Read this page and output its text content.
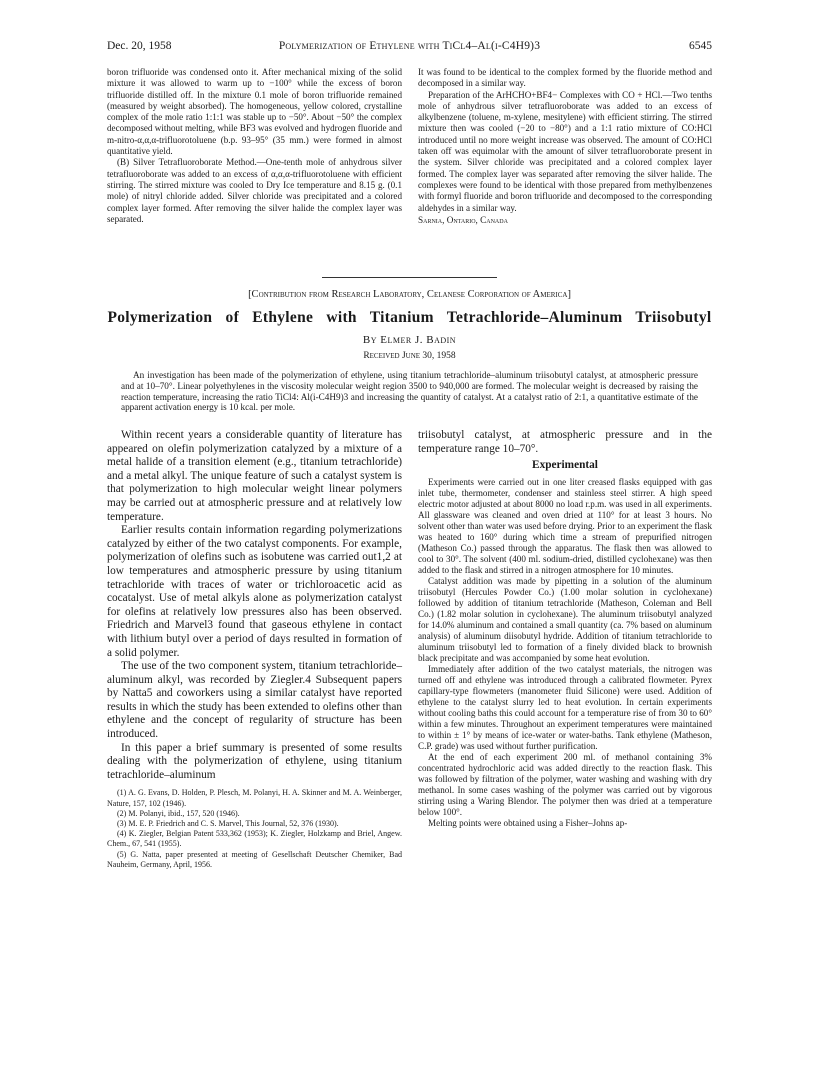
Dec. 20, 1958	Polymerization of Ethylene with TiCl4–Al(i-C4H9)3	6545

boron trifluoride was condensed onto it. After mechanical mixing of the solid mixture it was allowed to warm up to −100° while the excess of boron trifluoride distilled off. In the mixture 0.1 mole of boron trifluoride remained (measured by weight absorbed). The homogeneous, yellow colored, crystalline complex of the mole ratio 1:1:1 was stable up to −50°. About −50° the complex decomposed without melting, while BF3 was evolved and hydrogen fluoride and m-nitro-α,α,α-trifluorotoluene (b.p. 93–95° (35 mm.) were formed in almost quantitative yield.

(B) Silver Tetrafluoroborate Method.—One-tenth mole of anhydrous silver tetrafluoroborate was added to an excess of α,α,α-trifluorotoluene with efficient stirring. The stirred mixture was cooled to Dry Ice temperature and 8.15 g. (0.1 mole) of nitryl chloride added. Silver chloride was precipitated and a colored complex layer formed. After removing the silver halide the complex layer was separated.

It was found to be identical to the complex formed by the fluoride method and decomposed in a similar way.

Preparation of the ArHCHO+BF4− Complexes with CO + HCl.—Two tenths mole of anhydrous silver tetrafluoroborate was added to an excess of alkylbenzene (toluene, m-xylene, mesitylene) with efficient stirring. The stirred mixture then was cooled (−20 to −80°) and a 1:1 ratio mixture of CO:HCl introduced until no more weight increase was observed. The amount of CO:HCl taken off was equimolar with the amount of silver tetrafluoroborate present in the system. Silver chloride was precipitated and a colored complex layer formed. The complex layer was separated after removing the silver halide. The complexes were found to be identical with those prepared from methylbenzenes with formyl fluoride and boron trifluoride and decomposed to the corresponding aldehydes in a similar way.

Sarnia, Ontario, Canada

[Contribution from Research Laboratory, Celanese Corporation of America]
Polymerization of Ethylene with Titanium Tetrachloride–Aluminum Triisobutyl
By Elmer J. Badin
Received June 30, 1958

An investigation has been made of the polymerization of ethylene, using titanium tetrachloride–aluminum triisobutyl catalyst, at atmospheric pressure and at 10–70°. Linear polyethylenes in the viscosity molecular weight region 3500 to 940,000 are formed. The molecular weight is decreased by raising the reaction temperature, increasing the ratio TiCl4: Al(i-C4H9)3 and increasing the quantity of catalyst. At a catalyst ratio of 2:1, a quantitative estimate of the apparent activation energy is 10 kcal. per mole.

Within recent years a considerable quantity of literature has appeared on olefin polymerization catalyzed by a mixture of a metal halide of a transition element (e.g., titanium tetrachloride) and a metal alkyl. The unique feature of such a catalyst system is that polymerization to high molecular weight linear polymers may be carried out at atmospheric pressure and at relatively low temperature.

Earlier results contain information regarding polymerizations catalyzed by either of the two catalyst components. For example, polymerization of olefins such as isobutene was carried out1,2 at low temperatures and atmospheric pressure by using titanium tetrachloride with traces of water or trichloroacetic acid as cocatalyst. Use of metal alkyls alone as polymerization catalyst for olefins at relatively low pressures also has been observed. Friedrich and Marvel3 found that gaseous ethylene in contact with lithium butyl over a period of days resulted in formation of a solid polymer.

The use of the two component system, titanium tetrachloride–aluminum alkyl, was recorded by Ziegler.4 Subsequent papers by Natta5 and coworkers using a similar catalyst have reported results in which the study has been extended to olefins other than ethylene and the concept of regularity of structure has been introduced.

In this paper a brief summary is presented of some results dealing with the polymerization of ethylene, using titanium tetrachloride–aluminum

(1) A. G. Evans, D. Holden, P. Plesch, M. Polanyi, H. A. Skinner and M. A. Weinberger, Nature, 157, 102 (1946).

(2) M. Polanyi, ibid., 157, 520 (1946).

(3) M. E. P. Friedrich and C. S. Marvel, This Journal, 52, 376 (1930).

(4) K. Ziegler, Belgian Patent 533,362 (1953); K. Ziegler, Holzkamp and Briel, Angew. Chem., 67, 541 (1955).

(5) G. Natta, paper presented at meeting of Gesellschaft Deutscher Chemiker, Bad Nauheim, Germany, April, 1956.

triisobutyl catalyst, at atmospheric pressure and in the temperature range 10–70°.

Experimental

Experiments were carried out in one liter creased flasks equipped with gas inlet tube, thermometer, condenser and stainless steel stirrer. A high speed electric motor adjusted at about 8000 no load r.p.m. was used in all experiments. All glassware was cleaned and oven dried at 110° for at least 3 hours. No solvent other than water was used before drying. Prior to an experiment the flask was heated to 160° during which time a stream of prepurified nitrogen (Matheson Co.) passed through the apparatus. The flask then was allowed to cool to 30°. The solvent (400 ml. sodium-dried, distilled cyclohexane) was then added to the flask and stirred in a nitrogen atmosphere for 10 minutes.

Catalyst addition was made by pipetting in a solution of the aluminum triisobutyl (Hercules Powder Co.) (1.00 molar solution in cyclohexane) followed by addition of titanium tetrachloride (Matheson, Coleman and Bell Co.) (1.82 molar solution in cyclohexane). The aluminum triisobutyl analyzed for 14.0% aluminum and contained a small quantity (ca. 7% based on aluminum analysis) of aluminum diisobutyl hydride. Addition of titanium tetrachloride to aluminum triisobutyl led to formation of a finely divided black to brownish black precipitate and was accompanied by some heat evolution.

Immediately after addition of the two catalyst materials, the nitrogen was turned off and ethylene was introduced through a calibrated flowmeter. Pyrex capillary-type flowmeters (manometer fluid Silicone) were used. Addition of ethylene to the catalyst slurry led to heat evolution. In certain experiments without cooling baths this could account for a temperature rise of from 30 to 60° within a few minutes. Throughout an experiment temperatures were maintained to within ± 1° by means of ice-water or water-baths. Tank ethylene (Matheson, C.P. grade) was used without further purification.

At the end of each experiment 200 ml. of methanol containing 3% concentrated hydrochloric acid was added directly to the reaction flask. This was followed by filtration of the polymer, water washing and washing with dry methanol. In some cases washing of the polymer was carried out by vigorous stirring using a Waring Blendor. The polymer then was dried at a temperature below 100°.

Melting points were obtained using a Fisher–Johns ap-
